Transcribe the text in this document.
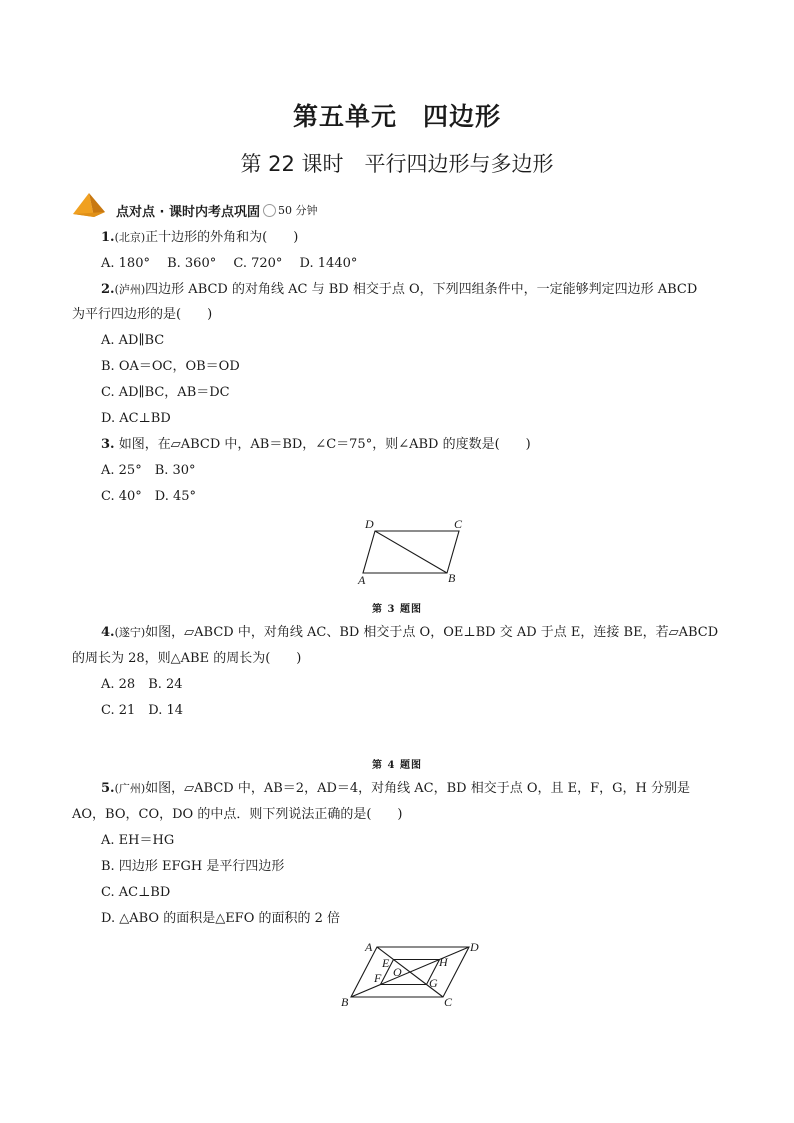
第五单元　四边形
第 22 课时　平行四边形与多边形
点对点 · 课时内考点巩固 50 分钟
1.(北京)正十边形的外角和为(　　)
A. 180°　 B. 360°　 C. 720°　 D. 1440°
2.(泸州)四边形 ABCD 的对角线 AC 与 BD 相交于点 O，下列四组条件中，一定能够判定四边形 ABCD
为平行四边形的是(　　)
A. AD∥BC
B. OA＝OC，OB＝OD
C. AD∥BC，AB＝DC
D. AC⊥BD
3. 如图，在▱ABCD 中，AB＝BD，∠C＝75°，则∠ABD 的度数是(　　)
A. 25°　B. 30°
C. 40°　D. 45°
D	C
A	B
第 3 题图
4.(遂宁)如图，▱ABCD 中，对角线 AC、BD 相交于点 O，OE⊥BD 交 AD 于点 E，连接 BE，若▱ABCD
的周长为 28，则△ABE 的周长为(　　)
A. 28　B. 24
C. 21　D. 14
第 4 题图
5.(广州)如图，▱ABCD 中，AB＝2，AD＝4，对角线 AC，BD 相交于点 O，且 E，F，G，H 分别是
AO，BO，CO，DO 的中点．则下列说法正确的是(　　)
A. EH＝HG
B. 四边形 EFGH 是平行四边形
C. AC⊥BD
D. △ABO 的面积是△EFO 的面积的 2 倍
A	D
B	C
E
F	G
H
O
